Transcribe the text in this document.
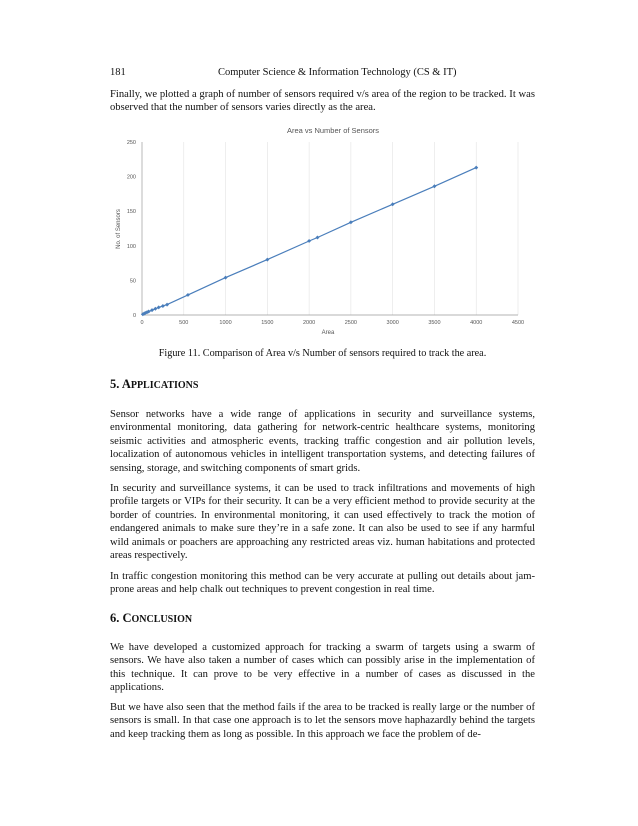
181	Computer Science & Information Technology (CS & IT)

Finally, we plotted a graph of number of sensors required v/s area of the region to be tracked. It was observed that the number of sensors varies directly as the area.

Area vs Number of Sensors
0	500	1000	1500	2000	2500	3000	3500	4000	4500
0
50
100
150
200
250
Area
No. of Sensors

Figure 11. Comparison of Area v/s Number of sensors required to track the area.

5. APPLICATIONS

Sensor networks have a wide range of applications in security and surveillance systems, environmental monitoring, data gathering for network-centric healthcare systems, monitoring seismic activities and atmospheric events, tracking traffic congestion and air pollution levels, localization of autonomous vehicles in intelligent transportation systems, and detecting failures of sensing, storage, and switching components of smart grids.

In security and surveillance systems, it can be used to track infiltrations and movements of high profile targets or VIPs for their security. It can be a very efficient method to provide security at the border of countries. In environmental monitoring, it can used effectively to track the motion of endangered animals to make sure they’re in a safe zone. It can also be used to see if any harmful wild animals or poachers are approaching any restricted areas viz. human habitations and protected areas respectively.

In traffic congestion monitoring this method can be very accurate at pulling out details about jam-prone areas and help chalk out techniques to prevent congestion in real time.

6. CONCLUSION

We have developed a customized approach for tracking a swarm of targets using a swarm of sensors. We have also taken a number of cases which can possibly arise in the implementation of this technique. It can prove to be very effective in a number of cases as discussed in the applications.

But we have also seen that the method fails if the area to be tracked is really large or the number of sensors is small. In that case one approach is to let the sensors move haphazardly behind the targets and keep tracking them as long as possible. In this approach we face the problem of de-
